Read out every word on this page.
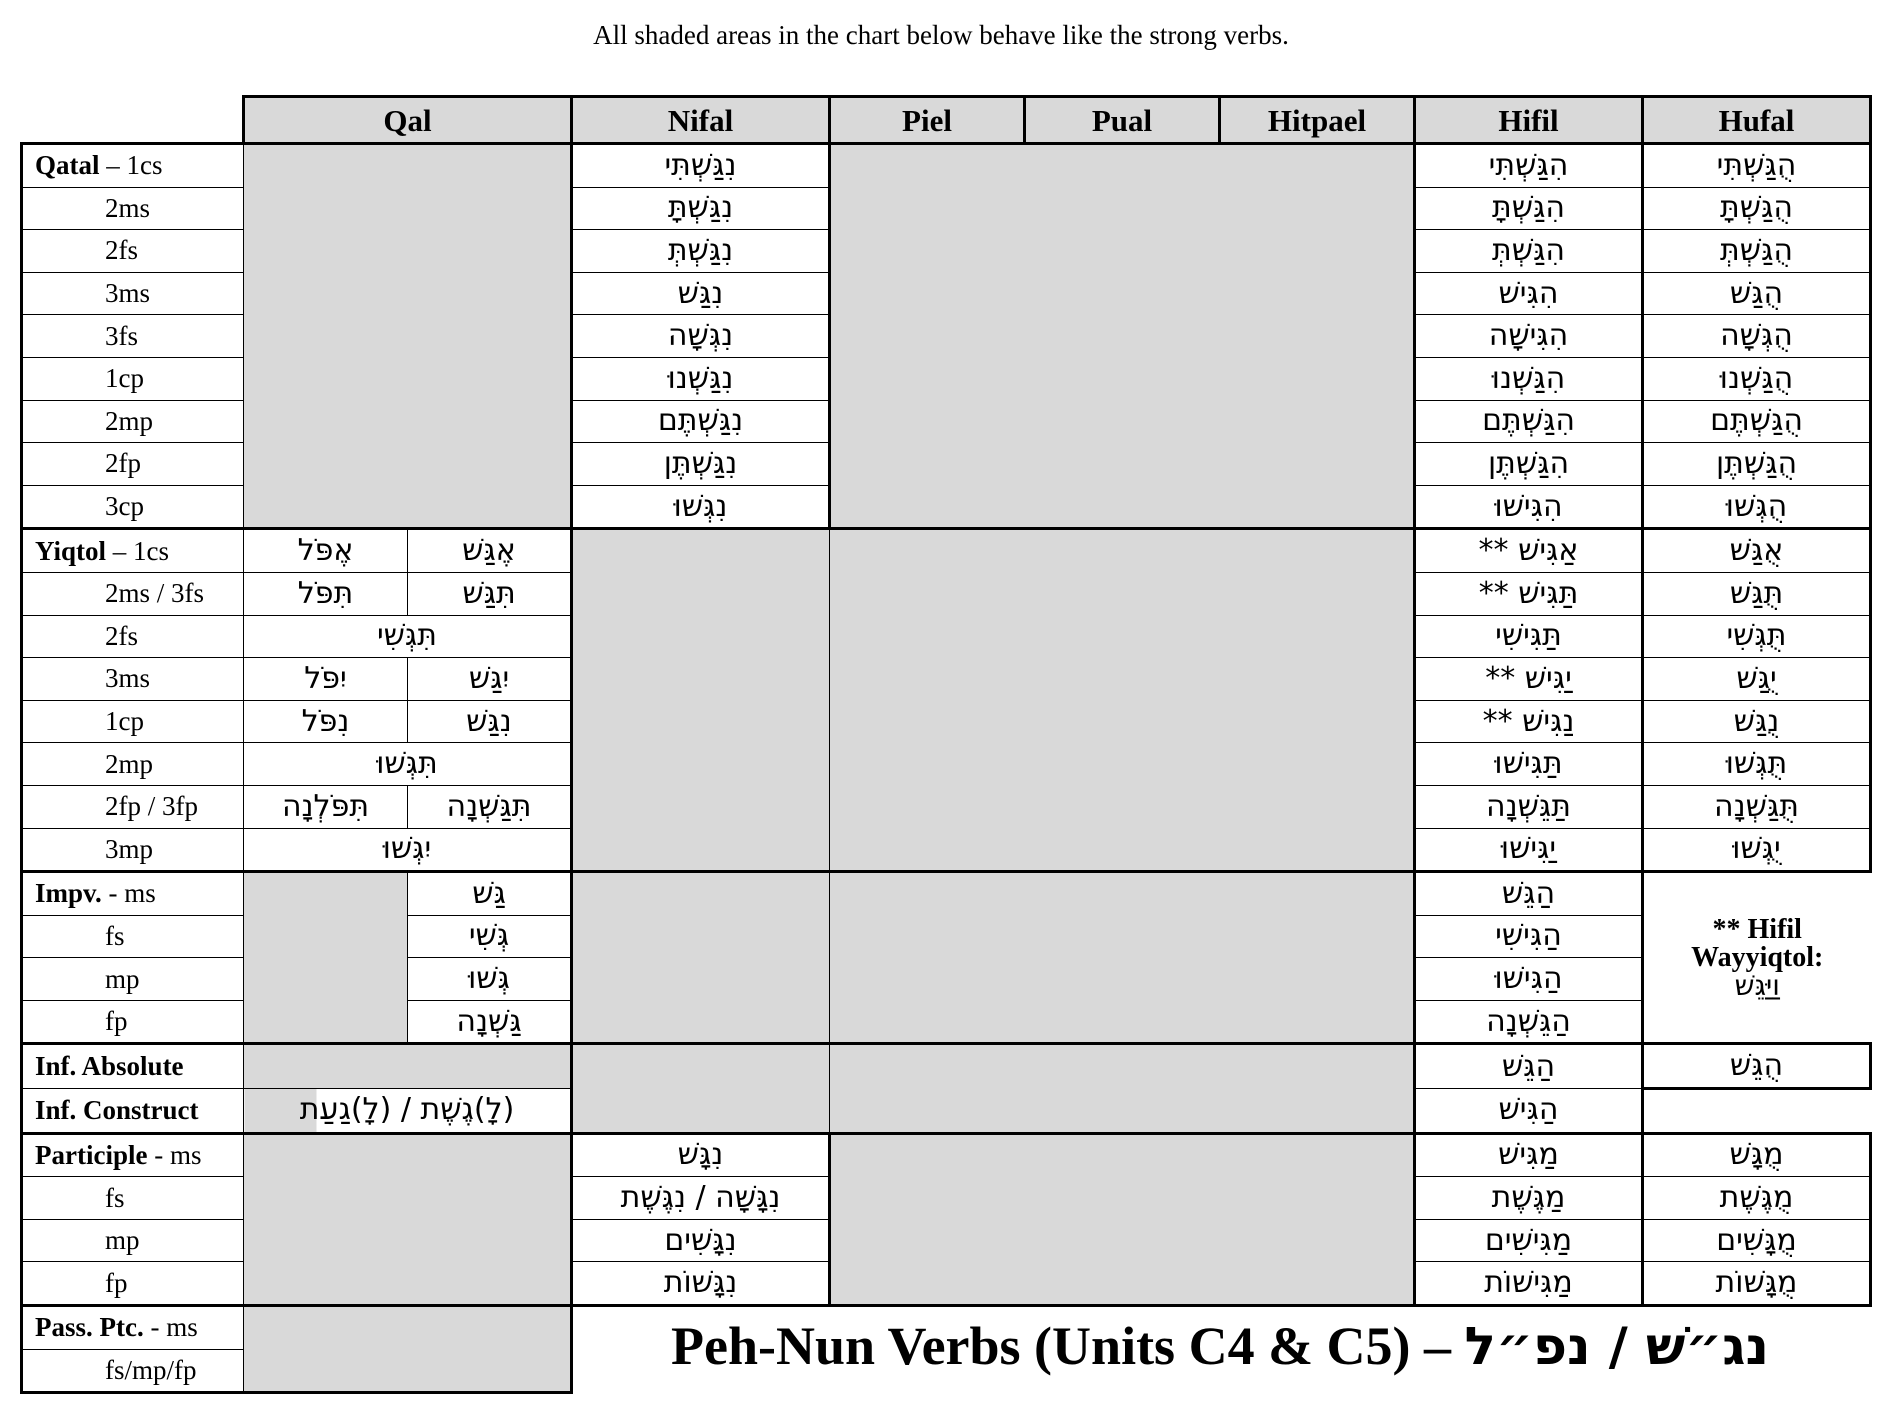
All shaded areas in the chart below behave like the strong verbs.
	Qal		Nifal	Piel	Pual	Hitpael	Hifil	Hufal
Qatal – 1cs			נִגַּשְׁתִּי				הִגַּשְׁתִּי	הֻגַּשְׁתִּי
2ms			נִגַּשְׁתָּ				הִגַּשְׁתָּ	הֻגַּשְׁתָּ
2fs			נִגַּשְׁתְּ				הִגַּשְׁתְּ	הֻגַּשְׁתְּ
3ms			נִגַּשׁ				הִגִּישׁ	הֻגַּשׁ
3fs			נִגְּשָׁה				הִגִּישָׁה	הֻגְּשָׁה
1cp			נִגַּשְׁנוּ				הִגַּשְׁנוּ	הֻגַּשְׁנוּ
2mp			נִגַּשְׁתֶּם				הִגַּשְׁתֶּם	הֻגַּשְׁתֶּם
2fp			נִגַּשְׁתֶּן				הִגַּשְׁתֶּן	הֻגַּשְׁתֶּן
3cp			נִגְּשׁוּ				הִגִּישׁוּ	הֻגְּשׁוּ
Yiqtol – 1cs	אֶפֹּל	אֶגַּשׁ					אַגִּישׁ **	אֻגַּשׁ
2ms / 3fs	תִּפֹּל	תִּגַּשׁ					תַּגִּישׁ **	תֻּגַּשׁ
2fs	תִּגְּשִׁי						תַּגִּישִׁי	תֻּגְּשִׁי
3ms	יִפֹּל	יִגַּשׁ					יַגִּישׁ **	יֻגַּשׁ
1cp	נִפֹּל	נִגַּשׁ					נַגִּישׁ **	נֻגַּשׁ
2mp	תִּגְּשׁוּ						תַּגִּישׁוּ	תֻּגְּשׁוּ
2fp / 3fp	תִּפֹּלְנָה	תִּגַּשְׁנָה					תַּגֵּשְׁנָה	תֻּגַּשְׁנָה
3mp	יִגְּשׁוּ						יַגִּישׁוּ	יֻגְּשׁוּ
Impv. - ms		גַּשׁ					הַגֵּשׁ	** Hifil Wayyiqtol:
וַיַּגֵּשׁ

fs		גְּשִׁי					הַגִּישִׁי	
mp		גְּשׁוּ					הַגִּישׁוּ	
fp		גַּשְׁנָה					הַגֵּשְׁנָה	
Inf. Absolute							הַגֵּשׁ	הֻגֵּשׁ
Inf. Construct	(לָ)גֶשֶׁת / (לָ)גַעַת						הַגִּישׁ	
Participle - ms			נִגָּשׁ				מַגִּישׁ	מֻגָּשׁ
fs			נִגָּשָׁה / נִגֶּשֶׁת				מַגֶּשֶׁת	מֻגֶּשֶׁת
mp			נִגָּשִׁים				מַגִּישִׁים	מֻגָּשִׁים
fp			נִגָּשׁוֹת				מַגִּישׁוֹת	מֻגָּשׁוֹת
Pass. Ptc. - ms								
fs/mp/fp									Peh-Nun Verbs (Units C4 & C5) – נג״שׁ / נפ״ל
